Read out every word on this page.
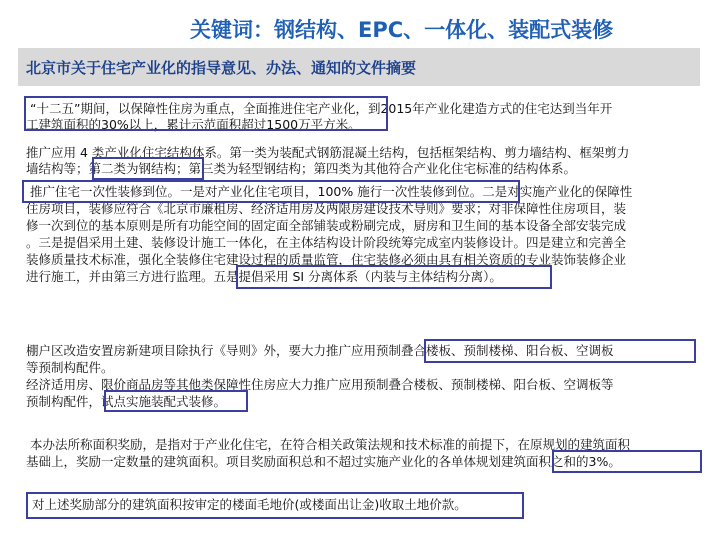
关键词：钢结构、EPC、一体化、装配式装修
北京市关于住宅产业化的指导意见、办法、通知的文件摘要
“十二五”期间，以保障性住房为重点，全面推进住宅产业化，到2015年产业化建造方式的住宅达到当年开
工建筑面积的30%以上，累计示范面积超过1500万平方米。
推广应用 4 类产业化住宅结构体系。第一类为装配式钢筋混凝土结构，包括框架结构、剪力墙结构、框架剪力
墙结构等；第二类为钢结构；第三类为轻型钢结构；第四类为其他符合产业化住宅标准的结构体系。
推广住宅一次性装修到位。一是对产业化住宅项目，100% 施行一次性装修到位。二是对实施产业化的保障性
住房项目，装修应符合《北京市廉租房、经济适用房及两限房建设技术导则》要求；对非保障性住房项目，装
修一次到位的基本原则是所有功能空间的固定面全部铺装或粉刷完成，厨房和卫生间的基本设备全部安装完成
。三是提倡采用土建、装修设计施工一体化，在主体结构设计阶段统筹完成室内装修设计。四是建立和完善全
装修质量技术标准，强化全装修住宅建设过程的质量监管，住宅装修必须由具有相关资质的专业装饰装修企业
进行施工，并由第三方进行监理。五是提倡采用 SI 分离体系（内装与主体结构分离）。
棚户区改造安置房新建项目除执行《导则》外，要大力推广应用预制叠合楼板、预制楼梯、阳台板、空调板
等预制构配件。
经济适用房、限价商品房等其他类保障性住房应大力推广应用预制叠合楼板、预制楼梯、阳台板、空调板等
预制构配件，试点实施装配式装修。
本办法所称面积奖励，是指对于产业化住宅，在符合相关政策法规和技术标准的前提下，在原规划的建筑面积
基础上，奖励一定数量的建筑面积。项目奖励面积总和不超过实施产业化的各单体规划建筑面积之和的3%。
对上述奖励部分的建筑面积按审定的楼面毛地价(或楼面出让金)收取土地价款。
